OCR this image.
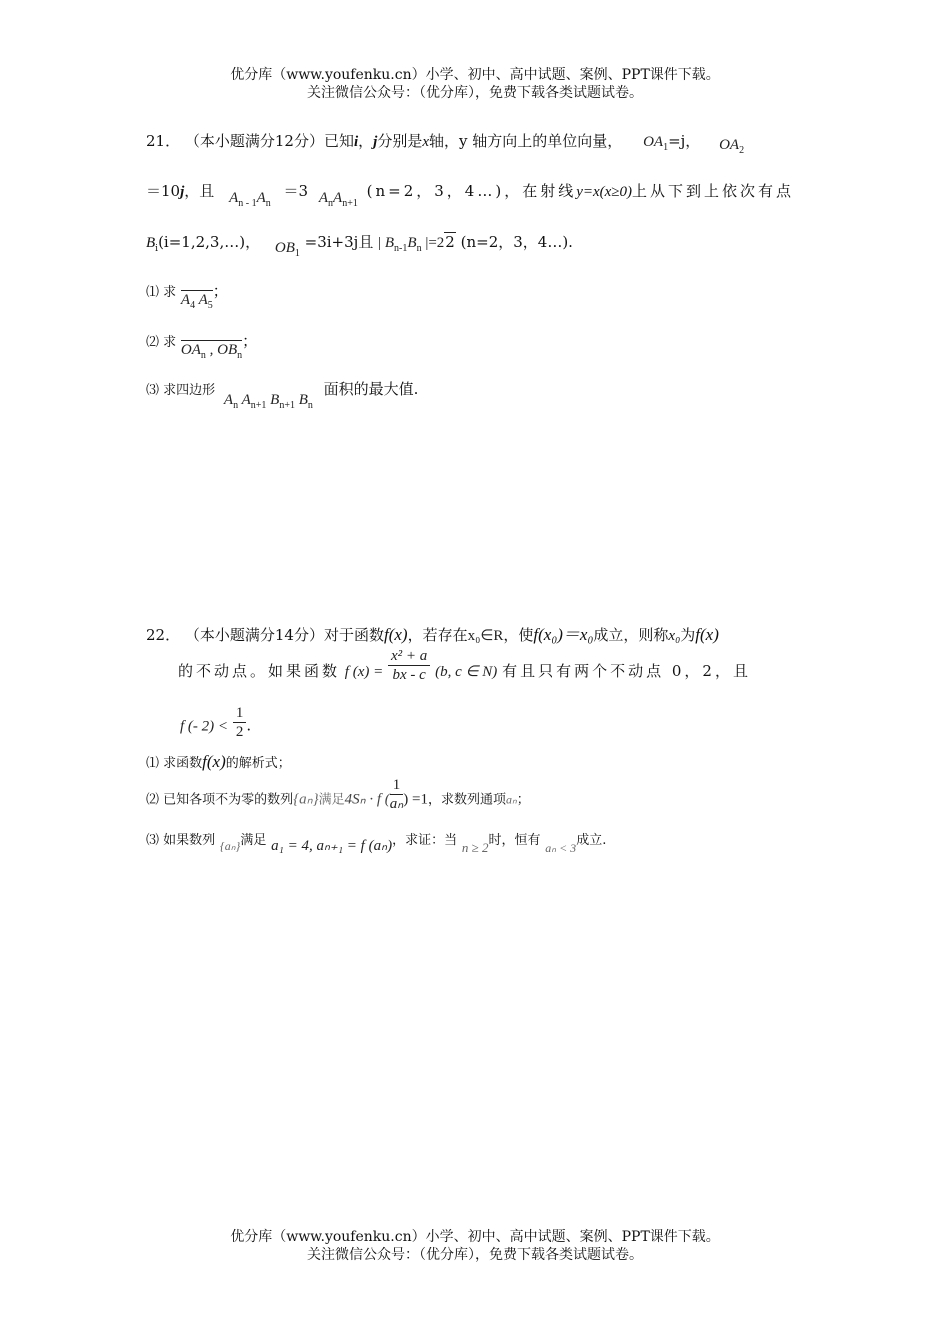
优分库（www.youfenku.cn）小学、初中、高中试题、案例、PPT课件下载。
关注微信公众号：（优分库），免费下载各类试题试卷。
21． （本小题满分12分）已知i，j分别是x轴，y 轴方向上的单位向量， $OA_1=j$， $OA_2$
＝10j，且 $A_{n - 1}A_n =3$ $A_nA_{n+1}$ (n=2，3，4…)，在射线y=x(x≥0)上从下到上依次有点
$B_i(i=1,2,3,\dots)$， $OB_1 =3i+3j$且 | $B_{n-1}B_n$ |=22 (n=2，3，4…).
⑴ 求 $A_4$ $A_5$；
⑵ 求 $OA_n$ , $OB_n$；
⑶ 求四边形 $A_n$ $A_{n+1}$ $B_{n+1}$ $B_n$ 面积的最大值.
22． （本小题满分14分）对于函数f(x)，若存在x₀∈R，使f(x₀)＝x₀成立，则称x₀为f(x)
的不动点。如果函数 f $(x) = \frac{\text{x² + a}}{bx - c} (b$, c ∈ N) 有且只有两个不动点 0，2，且
f (- $2) < \frac{1}{2}$ .
⑴ 求函数f(x)的解析式；
⑵ 已知各项不为零的数列{aₙ}满足4Sₙ · f ( $\frac{1}{\text{aₙ}}$ ) =1，求数列通项aₙ；
⑶ 如果数列 $_{\{a_n\}}$满足 a₁ = 4, aₙ₊₁ = f (aₙ)，求证：当 n ≥ 2时，恒有 $_{a_n < 3}$成立.
优分库（www.youfenku.cn）小学、初中、高中试题、案例、PPT课件下载。
关注微信公众号：（优分库），免费下载各类试题试卷。
